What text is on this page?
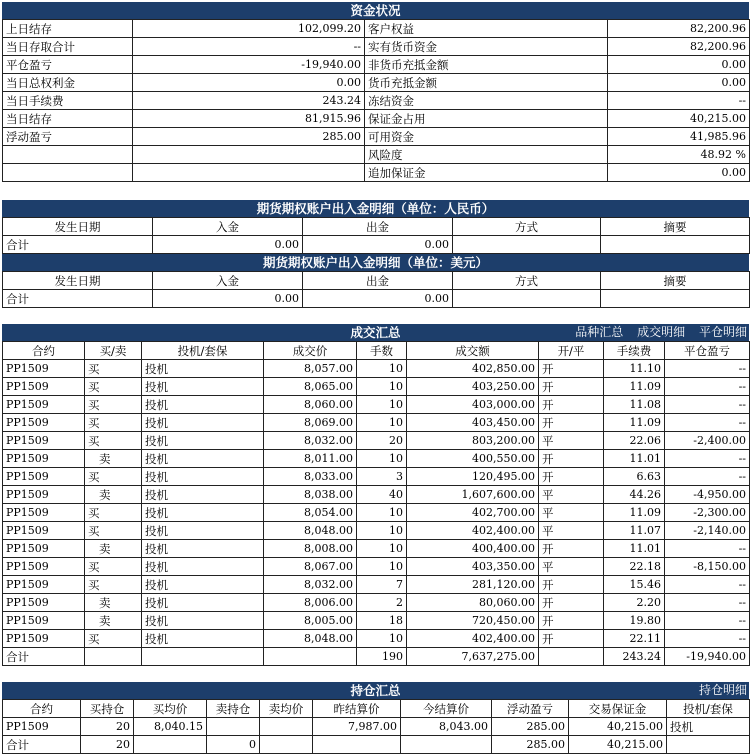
资金状况
上日结存	102,099.20	客户权益	82,200.96
当日存取合计	--	实有货币资金	82,200.96
平仓盈亏	-19,940.00	非货币充抵金额	0.00
当日总权利金	0.00	货币充抵金额	0.00
当日手续费	243.24	冻结资金	--
当日结存	81,915.96	保证金占用	40,215.00
浮动盈亏	285.00	可用资金	41,985.96
		风险度	48.92 %
		追加保证金	0.00
期货期权账户出入金明细（单位：人民币）
发生日期	入金	出金	方式	摘要
合计	0.00	0.00		
期货期权账户出入金明细（单位：美元）
发生日期	入金	出金	方式	摘要
合计	0.00	0.00		
成交汇总	品种汇总 成交明细 平仓明细
合约	买/卖	投机/套保	成交价	手数	成交额	开/平	手续费	平仓盈亏
PP1509	买	投机	8,057.00	10	402,850.00	开	11.10	--
PP1509	买	投机	8,065.00	10	403,250.00	开	11.09	--
PP1509	买	投机	8,060.00	10	403,000.00	开	11.08	--
PP1509	买	投机	8,069.00	10	403,450.00	开	11.09	--
PP1509	买	投机	8,032.00	20	803,200.00	平	22.06	-2,400.00
PP1509	卖	投机	8,011.00	10	400,550.00	开	11.01	--
PP1509	买	投机	8,033.00	3	120,495.00	开	6.63	--
PP1509	卖	投机	8,038.00	40	1,607,600.00	平	44.26	-4,950.00
PP1509	买	投机	8,054.00	10	402,700.00	平	11.09	-2,300.00
PP1509	买	投机	8,048.00	10	402,400.00	平	11.07	-2,140.00
PP1509	卖	投机	8,008.00	10	400,400.00	开	11.01	--
PP1509	买	投机	8,067.00	10	403,350.00	平	22.18	-8,150.00
PP1509	买	投机	8,032.00	7	281,120.00	开	15.46	--
PP1509	卖	投机	8,006.00	2	80,060.00	开	2.20	--
PP1509	卖	投机	8,005.00	18	720,450.00	开	19.80	--
PP1509	买	投机	8,048.00	10	402,400.00	开	22.11	--
合计				190	7,637,275.00		243.24	-19,940.00
持仓汇总	持仓明细
合约	买持仓	买均价	卖持仓	卖均价	昨结算价	今结算价	浮动盈亏	交易保证金	投机/套保
PP1509	20	8,040.15			7,987.00	8,043.00	285.00	40,215.00	投机
合计	20		0				285.00	40,215.00	
